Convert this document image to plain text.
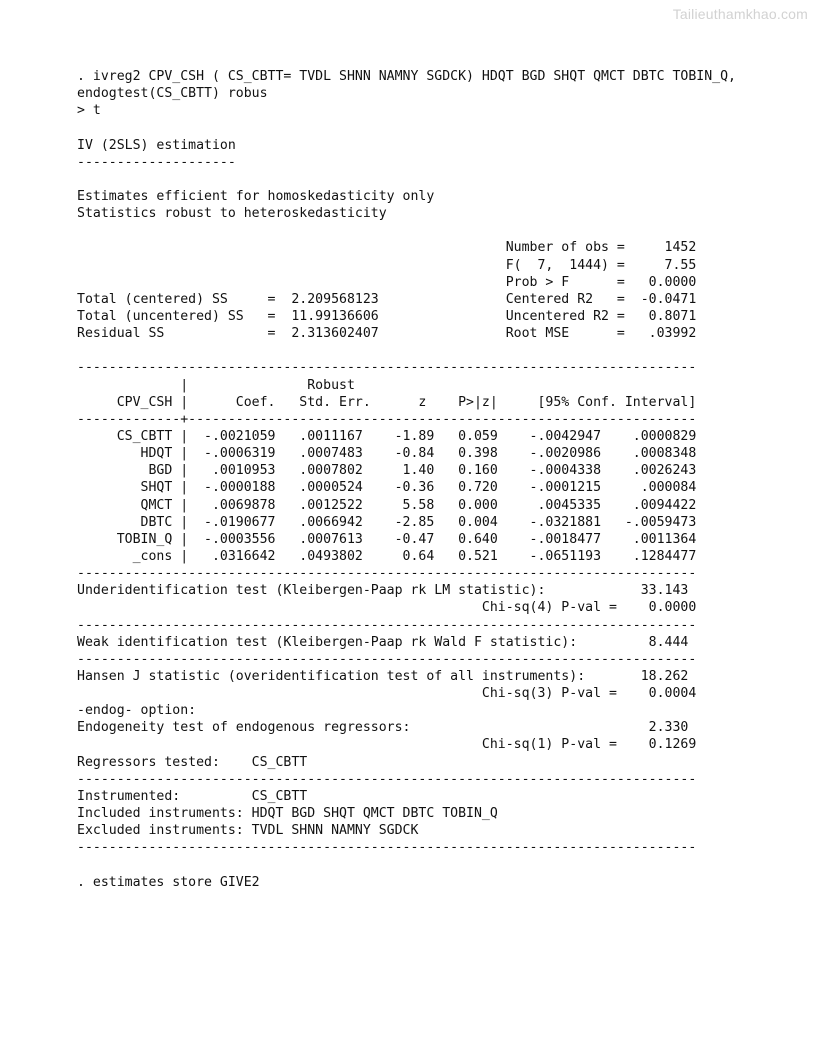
Tailieuthamkhao.com
. ivreg2 CPV_CSH ( CS_CBTT= TVDL SHNN NAMNY SGDCK) HDQT BGD SHQT QMCT DBTC TOBIN_Q,
endogtest(CS_CBTT) robus
> t
IV (2SLS) estimation
--------------------
Estimates efficient for homoskedasticity only
Statistics robust to heteroskedasticity
Number of obs =     1452
F(  7,  1444) =     7.55
Prob > F      =   0.0000
Total (centered) SS     =  2.209568123                Centered R2   =  -0.0471
Total (uncentered) SS   =  11.99136606                Uncentered R2 =   0.8071
Residual SS             =  2.313602407                Root MSE      =   .03992
------------------------------------------------------------------------------
|               Robust
CPV_CSH |      Coef.   Std. Err.      z    P>|z|     [95% Conf. Interval]
-------------+----------------------------------------------------------------
CS_CBTT |  -.0021059   .0011167    -1.89   0.059    -.0042947    .0000829
HDQT |  -.0006319   .0007483    -0.84   0.398    -.0020986    .0008348
BGD |   .0010953   .0007802     1.40   0.160    -.0004338    .0026243
SHQT |  -.0000188   .0000524    -0.36   0.720    -.0001215     .000084
QMCT |   .0069878   .0012522     5.58   0.000     .0045335    .0094422
DBTC |  -.0190677   .0066942    -2.85   0.004    -.0321881   -.0059473
TOBIN_Q |  -.0003556   .0007613    -0.47   0.640    -.0018477    .0011364
_cons |   .0316642   .0493802     0.64   0.521    -.0651193    .1284477
------------------------------------------------------------------------------
Underidentification test (Kleibergen-Paap rk LM statistic):            33.143
Chi-sq(4) P-val =    0.0000
------------------------------------------------------------------------------
Weak identification test (Kleibergen-Paap rk Wald F statistic):         8.444
------------------------------------------------------------------------------
Hansen J statistic (overidentification test of all instruments):       18.262
Chi-sq(3) P-val =    0.0004
-endog- option:
Endogeneity test of endogenous regressors:                              2.330
Chi-sq(1) P-val =    0.1269
Regressors tested:    CS_CBTT
------------------------------------------------------------------------------
Instrumented:         CS_CBTT
Included instruments: HDQT BGD SHQT QMCT DBTC TOBIN_Q
Excluded instruments: TVDL SHNN NAMNY SGDCK
------------------------------------------------------------------------------
. estimates store GIVE2
